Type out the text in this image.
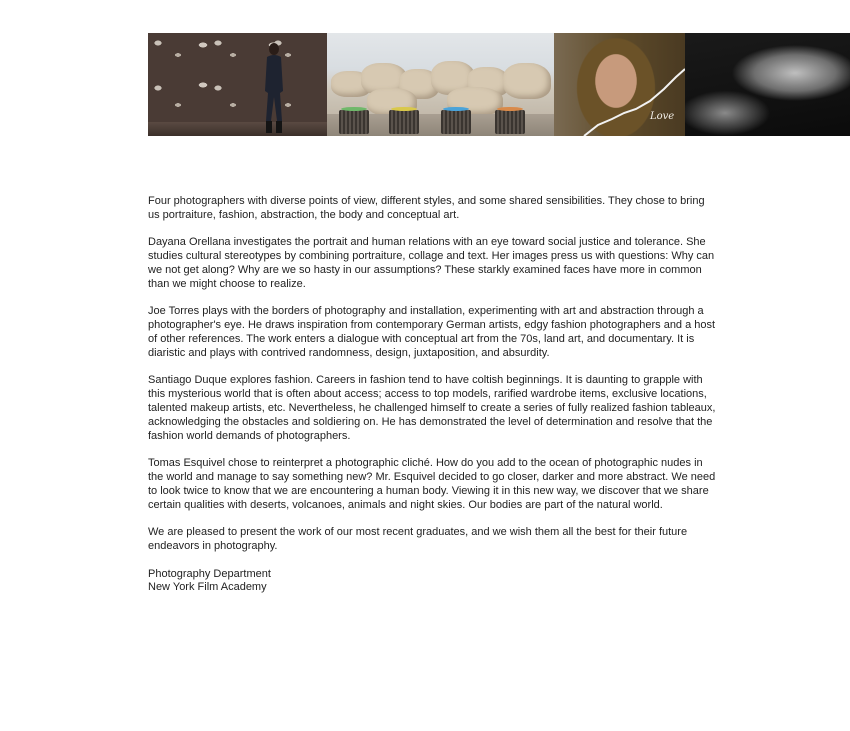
Love

Four photographers with diverse points of view, different styles, and some shared sensibilities. They chose to bring us portraiture, fashion, abstraction, the body and conceptual art.

Dayana Orellana investigates the portrait and human relations with an eye toward social justice and tolerance. She studies cultural stereotypes by combining portraiture, collage and text. Her images press us with questions: Why can we not get along? Why are we so hasty in our assumptions? These starkly examined faces have more in common than we might choose to realize.

Joe Torres plays with the borders of photography and installation, experimenting with art and abstraction through a photographer's eye. He draws inspiration from contemporary German artists, edgy fashion photographers and a host of other references. The work enters a dialogue with conceptual art from the 70s, land art, and documentary. It is diaristic and plays with contrived randomness, design, juxtaposition, and absurdity.

Santiago Duque explores fashion. Careers in fashion tend to have coltish beginnings. It is daunting to grapple with this mysterious world that is often about access; access to top models, rarified wardrobe items, exclusive locations, talented makeup artists, etc. Nevertheless, he challenged himself to create a series of fully realized fashion tableaux, acknowledging the obstacles and soldiering on. He has demonstrated the level of determination and resolve that the fashion world demands of photographers.

Tomas Esquivel chose to reinterpret a photographic cliché. How do you add to the ocean of photographic nudes in the world and manage to say something new? Mr. Esquivel decided to go closer, darker and more abstract. We need to look twice to know that we are encountering a human body. Viewing it in this new way, we discover that we share certain qualities with deserts, volcanoes, animals and night skies. Our bodies are part of the natural world.

We are pleased to present the work of our most recent graduates, and we wish them all the best for their future endeavors in photography.

Photography Department
New York Film Academy
